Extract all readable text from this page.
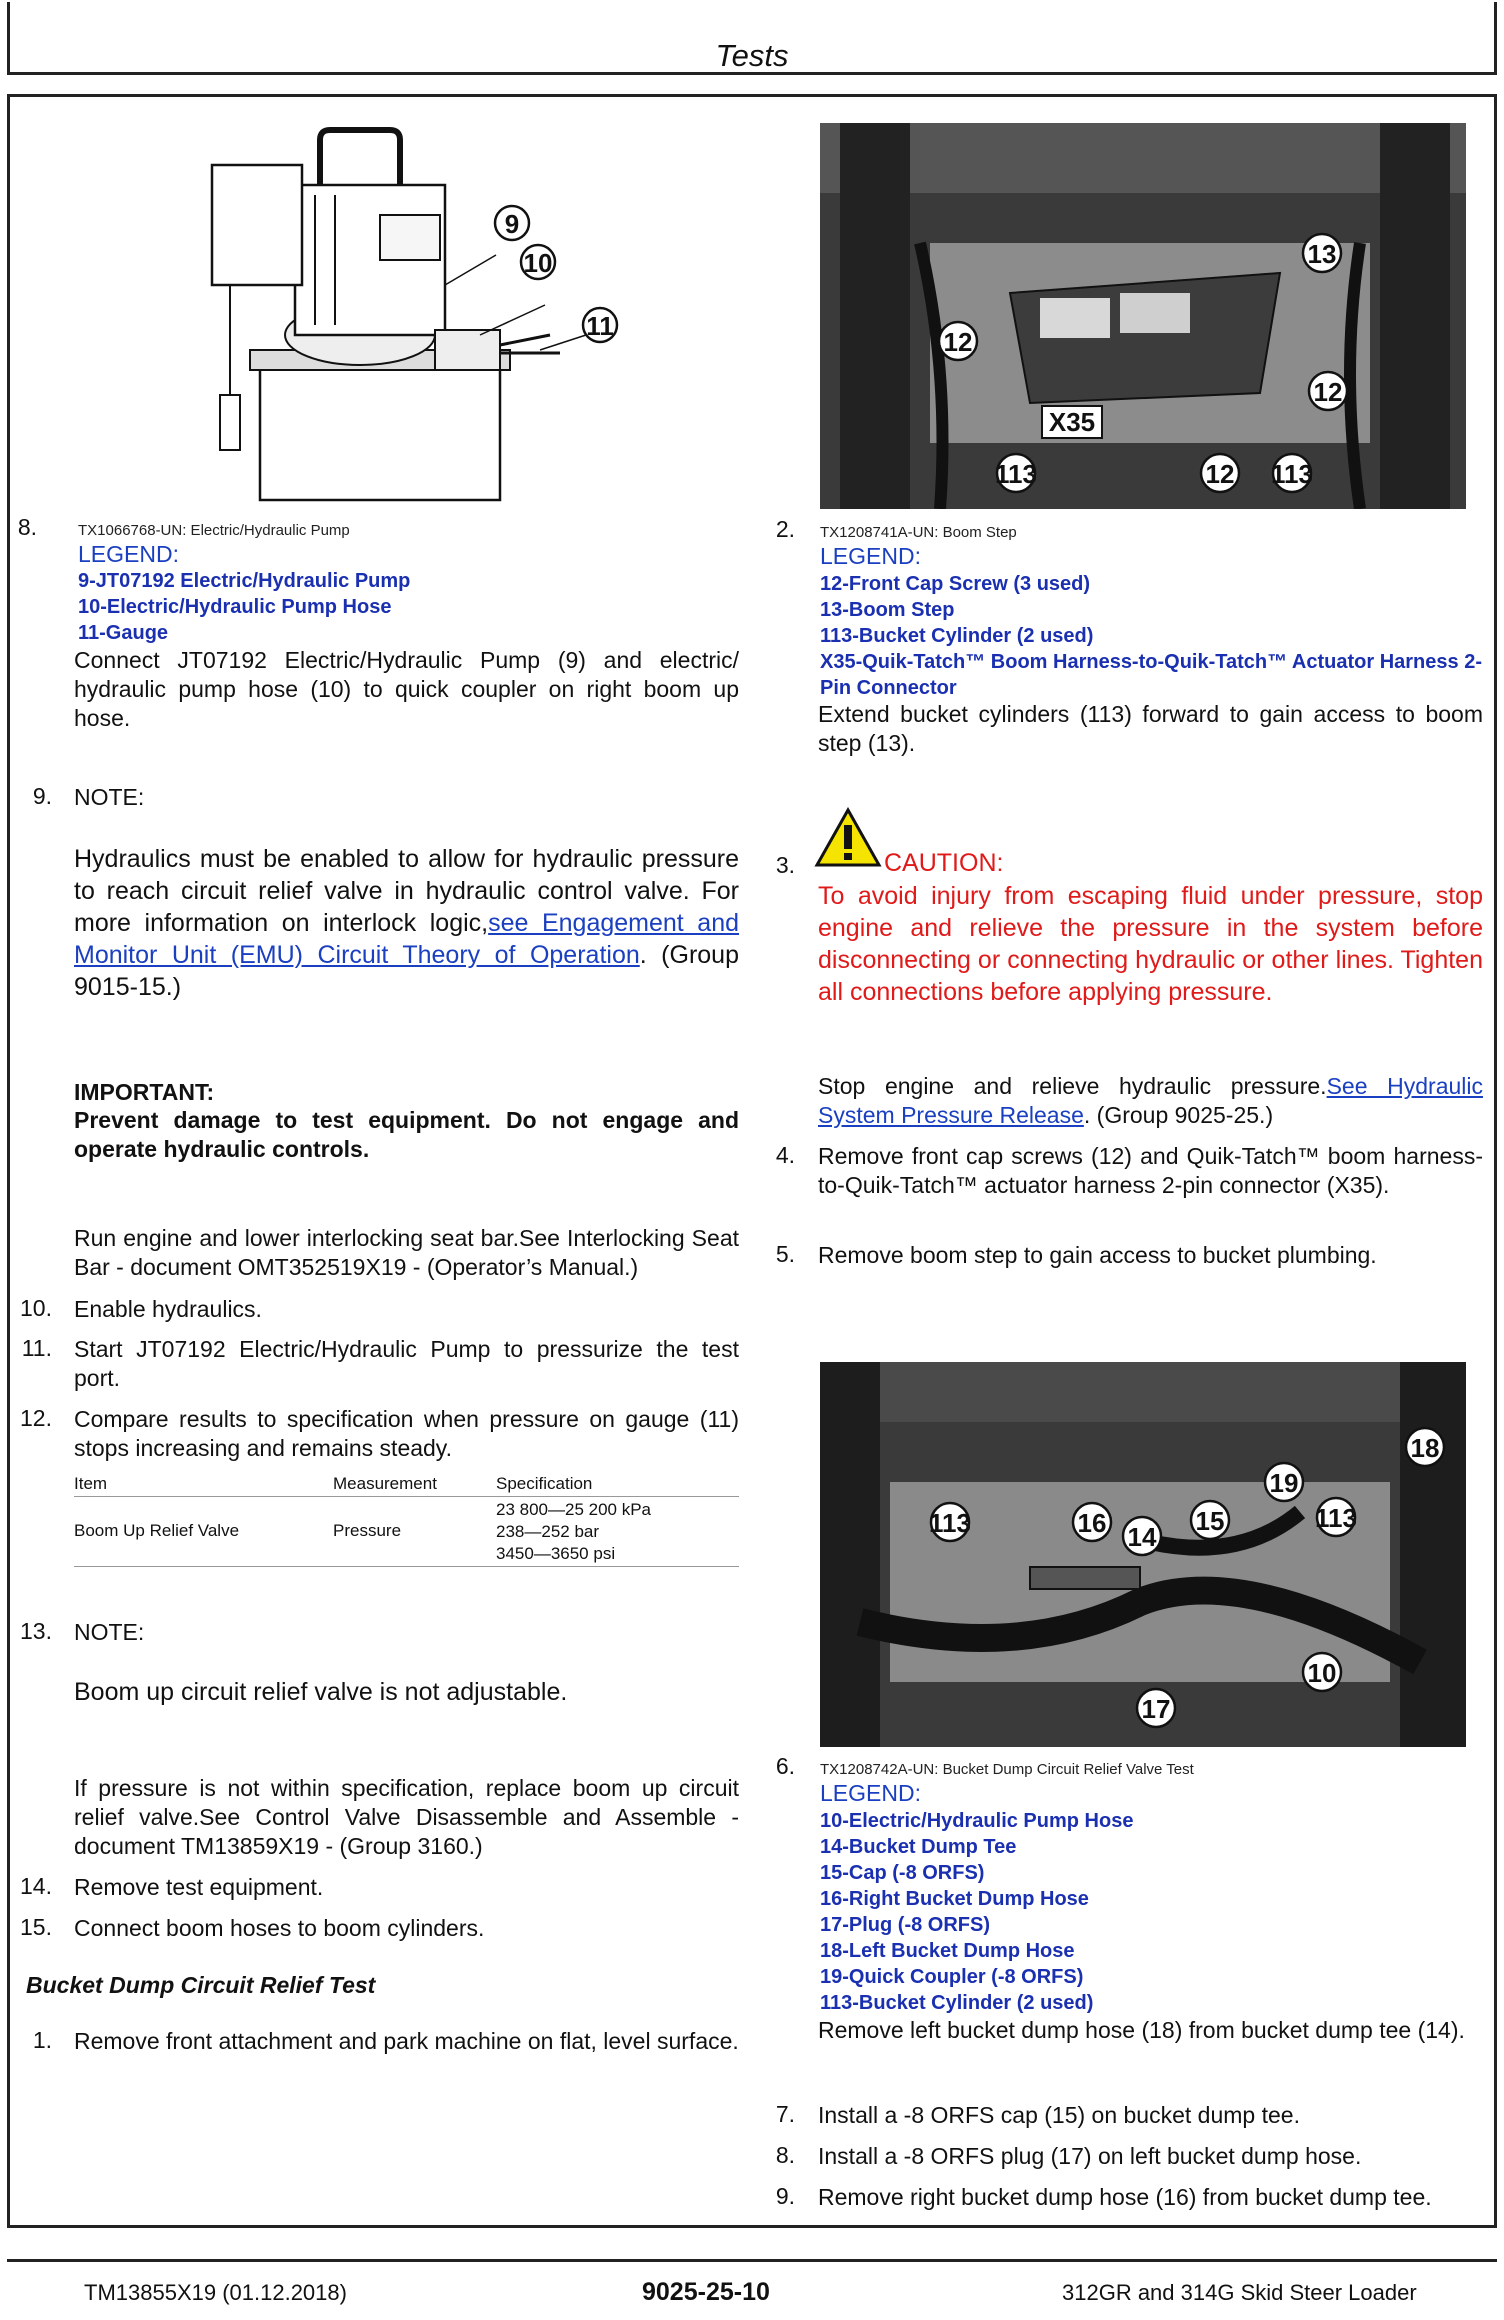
Tests
9
10
11
8.	TX1066768-UN: Electric/Hydraulic Pump
LEGEND:
9-JT07192 Electric/Hydraulic Pump
10-Electric/Hydraulic Pump Hose
11-Gauge
Connect JT07192 Electric/Hydraulic Pump (9) and electric/ hydraulic pump hose (10) to quick coupler on right boom up hose.
9. NOTE:
Hydraulics must be enabled to allow for hydraulic pressure to reach circuit relief valve in hydraulic control valve. For more information on interlock logic,see Engagement and Monitor Unit (EMU) Circuit Theory of Operation. (Group 9015-15.)
IMPORTANT:
Prevent damage to test equipment. Do not engage and operate hydraulic controls.
Run engine and lower interlocking seat bar.See Interlocking Seat Bar - document OMT352519X19 - (Operator’s Manual.)
10. Enable hydraulics.
11. Start JT07192 Electric/Hydraulic Pump to pressurize the test port.
12. Compare results to specification when pressure on gauge (11) stops increasing and remains steady.
Item	Measurement	Specification
Boom Up Relief Valve	Pressure
23 800—25 200 kPa
238—252 bar
3450—3650 psi
13. NOTE:
Boom up circuit relief valve is not adjustable.
If pressure is not within specification, replace boom up circuit relief valve.See Control Valve Disassemble and Assemble - document TM13859X19 - (Group 3160.)
14. Remove test equipment.
15. Connect boom hoses to boom cylinders.
Bucket Dump Circuit Relief Test
1. Remove front attachment and park machine on flat, level surface.
13
12
12
X35
113	12 113
2. TX1208741A-UN: Boom Step
LEGEND:
12-Front Cap Screw (3 used)
13-Boom Step
113-Bucket Cylinder (2 used)
X35-Quik-Tatch™ Boom Harness-to-Quik-Tatch™ Actuator Harness 2-Pin Connector
Extend bucket cylinders (113) forward to gain access to boom step (13).
3.	CAUTION:
To avoid injury from escaping fluid under pressure, stop engine and relieve the pressure in the system before disconnecting or connecting hydraulic or other lines. Tighten all connections before applying pressure.
Stop engine and relieve hydraulic pressure.See Hydraulic System Pressure Release. (Group 9025-25.)
4. Remove front cap screws (12) and Quik-Tatch™ boom harness-to-Quik-Tatch™ actuator harness 2-pin connector (X35).
5. Remove boom step to gain access to bucket plumbing.
18
19
113	16	15
14
113
10
17
6. TX1208742A-UN: Bucket Dump Circuit Relief Valve Test
LEGEND:
10-Electric/Hydraulic Pump Hose
14-Bucket Dump Tee
15-Cap (-8 ORFS)
16-Right Bucket Dump Hose
17-Plug (-8 ORFS)
18-Left Bucket Dump Hose
19-Quick Coupler (-8 ORFS)
113-Bucket Cylinder (2 used)
Remove left bucket dump hose (18) from bucket dump tee (14).
7. Install a -8 ORFS cap (15) on bucket dump tee.
8. Install a -8 ORFS plug (17) on left bucket dump hose.
9. Remove right bucket dump hose (16) from bucket dump tee.
TM13855X19 (01.12.2018)	9025-25-10	312GR and 314G Skid Steer Loader
